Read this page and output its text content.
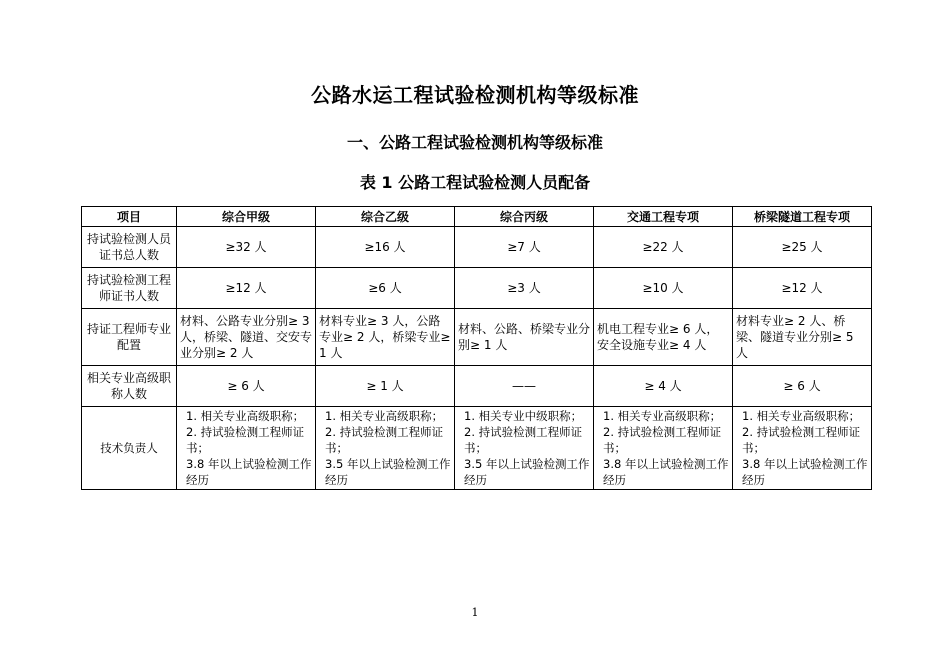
公路水运工程试验检测机构等级标准
一、公路工程试验检测机构等级标准
表 1 公路工程试验检测人员配备
项目	综合甲级	综合乙级	综合丙级	交通工程专项	桥梁隧道工程专项
持试验检测人员证书总人数	≥32 人	≥16 人	≥7 人	≥22 人	≥25 人
持试验检测工程师证书人数	≥12 人	≥6 人	≥3 人	≥10 人	≥12 人
持证工程师专业配置	材料、公路专业分别≥ 3 人，桥梁、隧道、交安专业分别≥ 2 人	材料专业≥ 3 人，公路专业≥ 2 人，桥梁专业≥ 1 人	材料、公路、桥梁专业分别≥ 1 人	机电工程专业≥ 6 人，安全设施专业≥ 4 人	材料专业≥ 2 人、桥梁、隧道专业分别≥ 5 人
相关专业高级职称人数	≥ 6 人	≥ 1 人	——	≥ 4 人	≥ 6 人
技术负责人	1. 相关专业高级职称；
2. 持试验检测工程师证书；
3.8 年以上试验检测工作经历	1. 相关专业高级职称；
2. 持试验检测工程师证书；
3.5 年以上试验检测工作经历	1. 相关专业中级职称；
2. 持试验检测工程师证书；
3.5 年以上试验检测工作经历	1. 相关专业高级职称；
2. 持试验检测工程师证书；
3.8 年以上试验检测工作经历	1. 相关专业高级职称；
2. 持试验检测工程师证书；
3.8 年以上试验检测工作经历
1
